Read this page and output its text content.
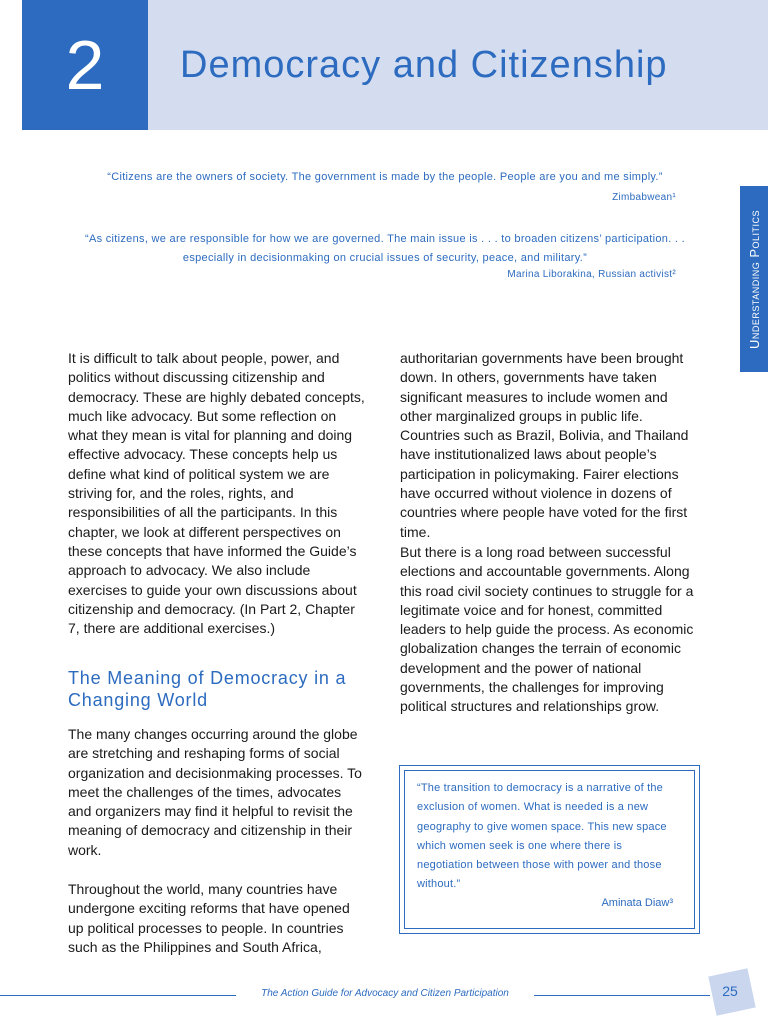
2	Democracy and Citizenship
Understanding Politics
“Citizens are the owners of society. The government is made by the people. People are you and me simply.”
Zimbabwean¹
“As citizens, we are responsible for how we are governed. The main issue is . . . to broaden citizens’ participation. . . especially in decisionmaking on crucial issues of security, peace, and military.”
Marina Liborakina, Russian activist²

It is difficult to talk about people, power, and politics without discussing citizenship and democracy. These are highly debated concepts, much like advocacy. But some reflection on what they mean is vital for planning and doing effective advocacy. These concepts help us define what kind of political system we are striving for, and the roles, rights, and responsibilities of all the participants. In this chapter, we look at different perspectives on these concepts that have informed the Guide’s approach to advocacy. We also include exercises to guide your own discussions about citizenship and democracy. (In Part 2, Chapter 7, there are additional exercises.)

The Meaning of Democracy in a Changing World
The many changes occurring around the globe are stretching and reshaping forms of social organization and decisionmaking processes. To meet the challenges of the times, advocates and organizers may find it helpful to revisit the meaning of democracy and citizenship in their work.
Throughout the world, many countries have undergone exciting reforms that have opened up political processes to people. In countries such as the Philippines and South Africa,

authoritarian governments have been brought down. In others, governments have taken significant measures to include women and other marginalized groups in public life. Countries such as Brazil, Bolivia, and Thailand have institutionalized laws about people’s participation in policymaking. Fairer elections have occurred without violence in dozens of countries where people have voted for the first time.

But there is a long road between successful elections and accountable governments. Along this road civil society continues to struggle for a legitimate voice and for honest, committed leaders to help guide the process. As economic globalization changes the terrain of economic development and the power of national governments, the challenges for improving political structures and relationships grow.
“The transition to democracy is a narrative of the exclusion of women. What is needed is a new geography to give women space. This new space which women seek is one where there is negotiation between those with power and those without.”
Aminata Diaw³
The Action Guide for Advocacy and Citizen Participation	25
